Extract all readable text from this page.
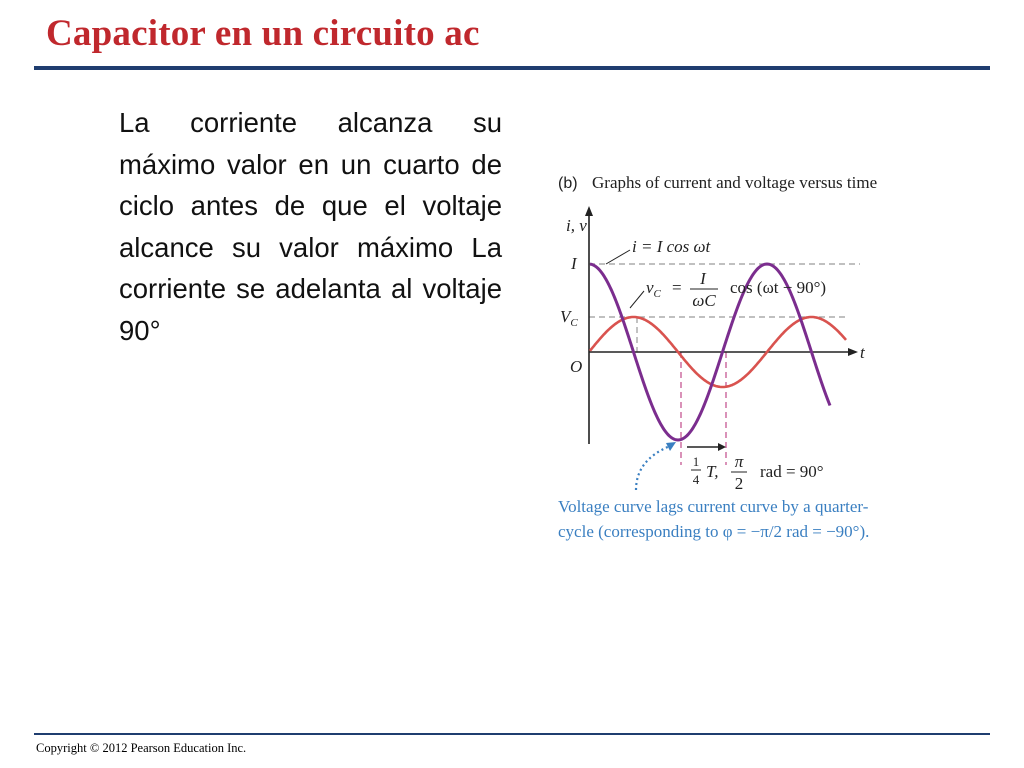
Capacitor en un circuito ac

La corriente alcanza su máximo valor en un cuarto de ciclo antes de que el voltaje alcance su valor máximo La corriente se adelanta al voltaje 90°

(b) Graphs of current and voltage versus time
i, v
t
O
I
$V_C$
i = I cos ωt
$v_C = I$
ωC
cos (ωt − 90°)
1
4 T,
π
2
rad = 90°
Voltage curve lags current curve by a quarter-
cycle (corresponding to φ = −π/2 rad = −90°).
Copyright © 2012 Pearson Education Inc.
